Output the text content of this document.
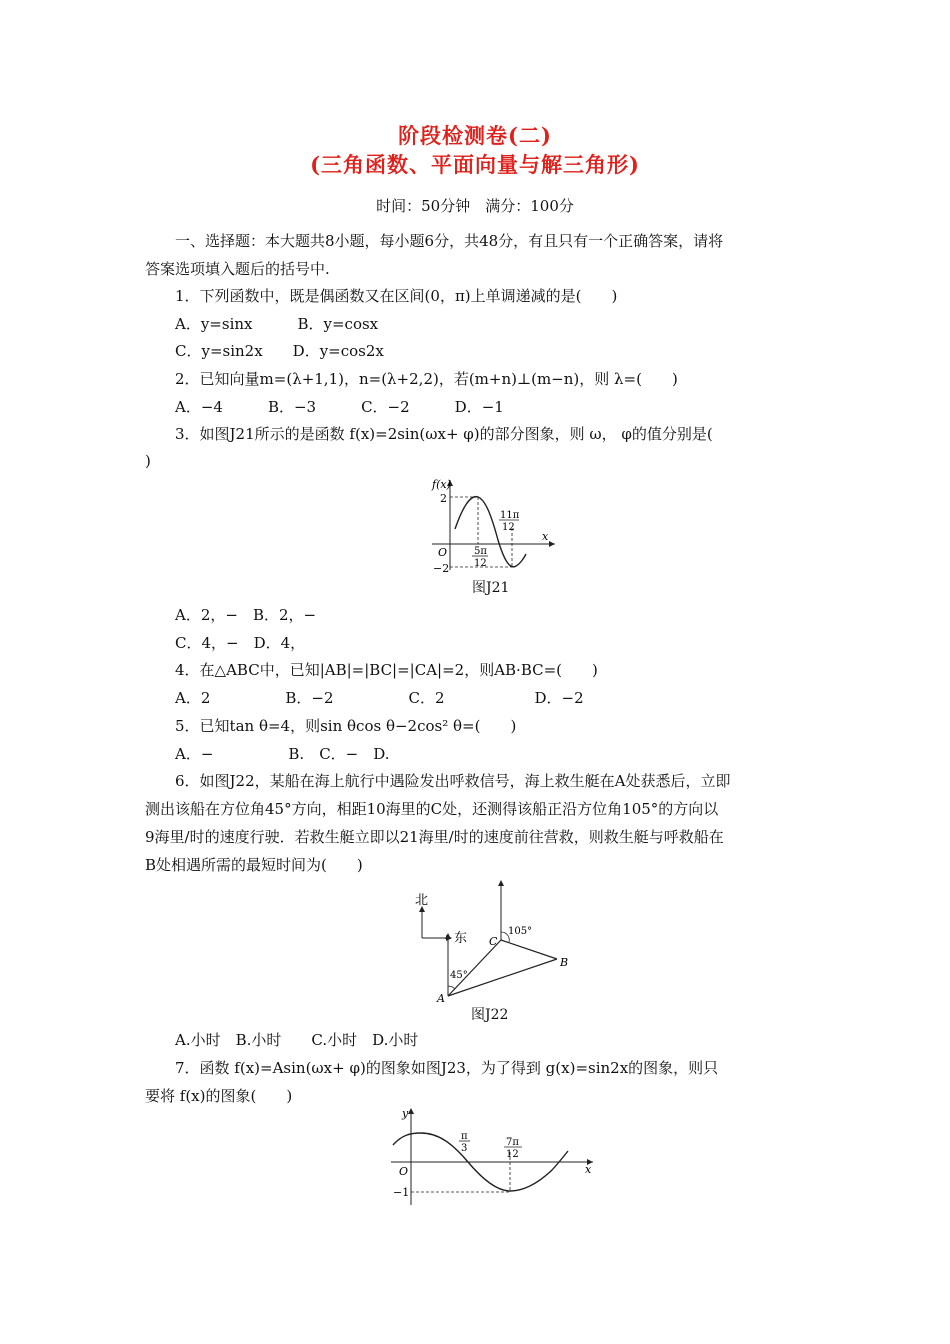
阶段检测卷(二)
(三角函数、平面向量与解三角形)
时间：50分钟　满分：100分
一、选择题：本大题共8小题，每小题6分，共48分，有且只有一个正确答案，请将
答案选项填入题后的括号中.
1．下列函数中，既是偶函数又在区间(0，π)上单调递减的是(　　)
A．y=sinx　　　B．y=cosx
C．y=sin2x　　D．y=cos2x
2．已知向量m=(λ+1,1)，n=(λ+2,2)，若(m+n)⊥(m−n)，则 λ=(　　)
A．−4　　　B．−3　　　C．−2　　　D．−1
3．如图J21所示的是函数 f(x)=2sin(ωx+ φ)的部分图象，则 ω， φ的值分别是(
)
f(x)
x
O
2
−2
5π
12
11π
12
图J21
A．2，−　B．2，−
C．4，−　D．4，
4．在△ABC中，已知|AB|=|BC|=|CA|=2，则AB·BC=(　　)
A．2　　　　　B．−2　　　　　C．2　　　　　　D．−2
5．已知tan θ=4，则sin θcos θ−2cos² θ=(　　)
A．−　　　　　B.　C．−　D.
6．如图J22，某船在海上航行中遇险发出呼救信号，海上救生艇在A处获悉后，立即
测出该船在方位角45°方向，相距10海里的C处，还测得该船正沿方位角105°的方向以
9海里/时的速度行驶．若救生艇立即以21海里/时的速度前往营救，则救生艇与呼救船在
B处相遇所需的最短时间为(　　)
北
东
45°
105°
A
B
C
图J22
A.小时　B.小时　　C.小时　D.小时
7．函数 f(x)=Asin(ωx+ φ)的图象如图J23，为了得到 g(x)=sin2x的图象，则只
要将 f(x)的图象(　　)
y
x
O
−1
π
3
7π
12
